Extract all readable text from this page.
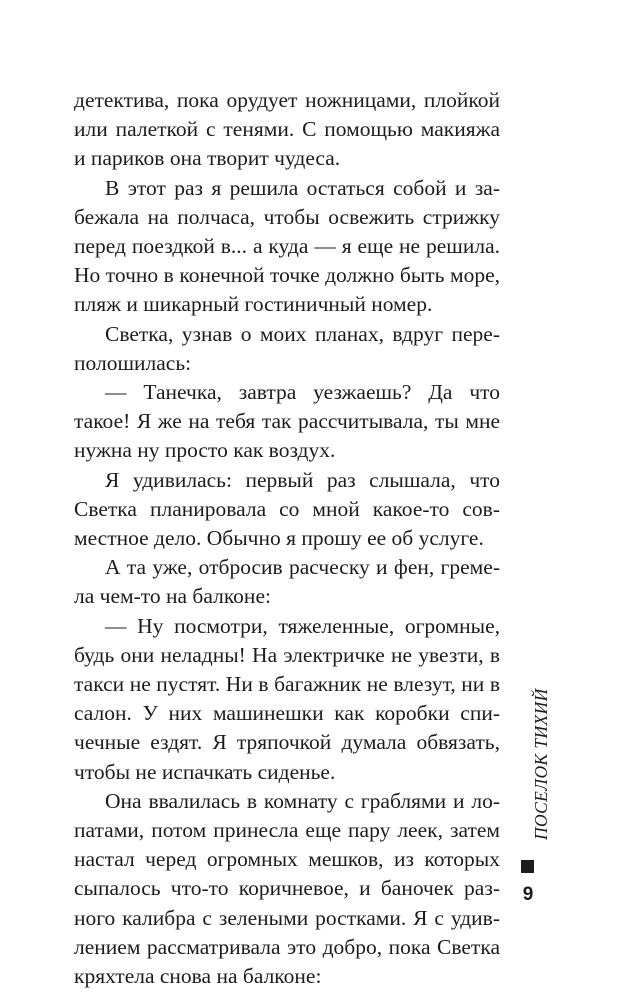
детектива, пока орудует ножницами, плойкой или палеткой с тенями. С помощью макияжа и париков она творит чудеса.

В этот раз я решила остаться собой и забежала на полчаса, чтобы освежить стрижку перед поездкой в... а куда — я еще не решила. Но точно в конечной точке должно быть море, пляж и шикарный гостиничный номер.

Светка, узнав о моих планах, вдруг переполошилась:

— Танечка, завтра уезжаешь? Да что такое! Я же на тебя так рассчитывала, ты мне нужна ну просто как воздух.

Я удивилась: первый раз слышала, что Светка планировала со мной какое-то совместное дело. Обычно я прошу ее об услуге.

А та уже, отбросив расческу и фен, гремела чем-то на балконе:

— Ну посмотри, тяжеленные, огромные, будь они неладны! На электричке не увезти, в такси не пустят. Ни в багажник не влезут, ни в салон. У них машинешки как коробки спичечные ездят. Я тряпочкой думала обвязать, чтобы не испачкать сиденье.

Она ввалилась в комнату с граблями и лопатами, потом принесла еще пару леек, затем настал черед огромных мешков, из которых сыпалось что-то коричневое, и баночек разного калибра с зелеными ростками. Я с удивлением рассматривала это добро, пока Светка кряхтела снова на балконе:

ПОСЕЛОК ТИХИЙ
9
